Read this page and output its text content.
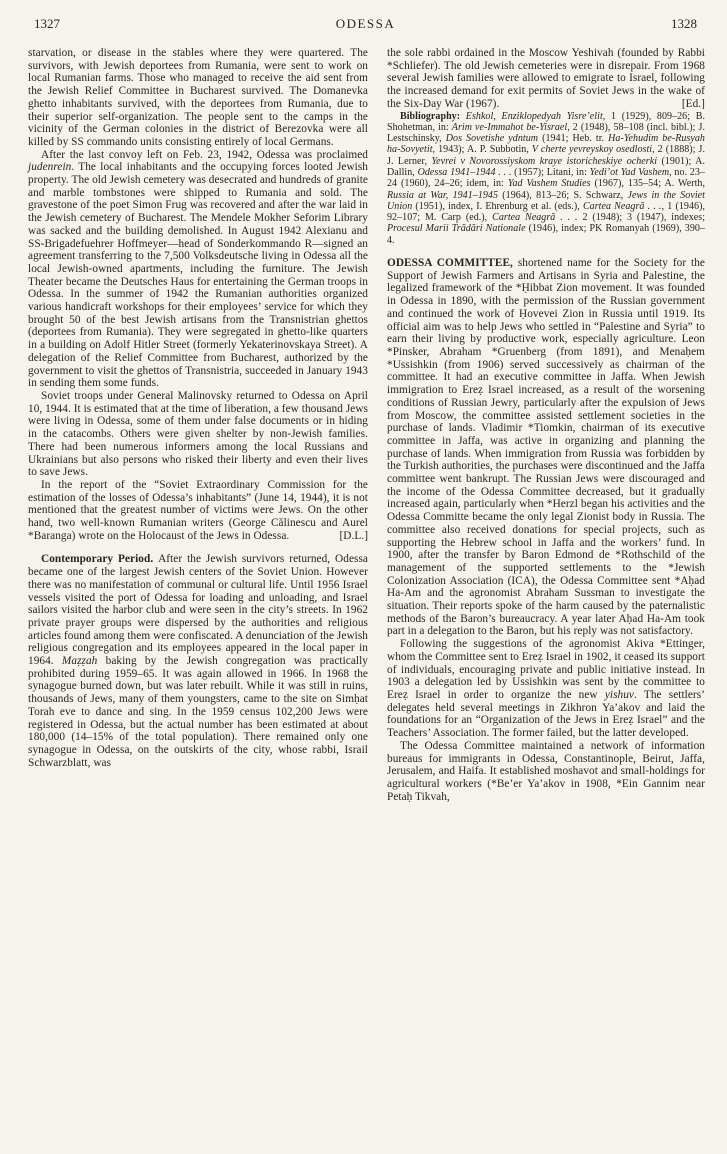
1327	ODESSA	1328

starvation, or disease in the stables where they were quartered. The survivors, with Jewish deportees from Rumania, were sent to work on local Rumanian farms. Those who managed to receive the aid sent from the Jewish Relief Committee in Bucharest survived. The Domanevka ghetto inhabitants survived, with the deportees from Rumania, due to their superior self-organization. The people sent to the camps in the vicinity of the German colonies in the district of Berezovka were all killed by SS commando units consisting entirely of local Germans.

After the last convoy left on Feb. 23, 1942, Odessa was proclaimed judenrein. The local inhabitants and the occupying forces looted Jewish property. The old Jewish cemetery was desecrated and hundreds of granite and marble tombstones were shipped to Rumania and sold. The gravestone of the poet Simon Frug was recovered and after the war laid in the Jewish cemetery of Bucharest. The Mendele Mokher Seforim Library was sacked and the building demolished. In August 1942 Alexianu and SS-Brigadefuehrer Hoffmeyer—head of Sonderkommando R—signed an agreement transferring to the 7,500 Volksdeutsche living in Odessa all the local Jewish-owned apartments, including the furniture. The Jewish Theater became the Deutsches Haus for entertaining the German troops in Odessa. In the summer of 1942 the Rumanian authorities organized various handicraft workshops for their employees’ service for which they brought 50 of the best Jewish artisans from the Transnistrian ghettos (deportees from Rumania). They were segregated in ghetto-like quarters in a building on Adolf Hitler Street (formerly Yekaterinovskaya Street). A delegation of the Relief Committee from Bucharest, authorized by the government to visit the ghettos of Transnistria, succeeded in January 1943 in sending them some funds.

Soviet troops under General Malinovsky returned to Odessa on April 10, 1944. It is estimated that at the time of liberation, a few thousand Jews were living in Odessa, some of them under false documents or in hiding in the catacombs. Others were given shelter by non-Jewish families. There had been numerous informers among the local Russians and Ukrainians but also persons who risked their liberty and even their lives to save Jews.

In the report of the “Soviet Extraordinary Commission for the estimation of the losses of Odessa’s inhabitants” (June 14, 1944), it is not mentioned that the greatest number of victims were Jews. On the other hand, two well-known Rumanian writers (George Călinescu and Aurel *Baranga) wrote on the Holocaust of the Jews in Odessa.	[D.L.]

Contemporary Period. After the Jewish survivors returned, Odessa became one of the largest Jewish centers of the Soviet Union. However there was no manifestation of communal or cultural life. Until 1956 Israel vessels visited the port of Odessa for loading and unloading, and Israel sailors visited the harbor club and were seen in the city’s streets. In 1962 private prayer groups were dispersed by the authorities and religious articles found among them were confiscated. A denunciation of the Jewish religious congregation and its employees appeared in the local paper in 1964. Maẓẓah baking by the Jewish congregation was practically prohibited during 1959–65. It was again allowed in 1966. In 1968 the synagogue burned down, but was later rebuilt. While it was still in ruins, thousands of Jews, many of them youngsters, came to the site on Simḥat Torah eve to dance and sing. In the 1959 census 102,200 Jews were registered in Odessa, but the actual number has been estimated at about 180,000 (14–15% of the total population). There remained only one synagogue in Odessa, on the outskirts of the city, whose rabbi, Israil Schwarzblatt, was

the sole rabbi ordained in the Moscow Yeshivah (founded by Rabbi *Schliefer). The old Jewish cemeteries were in disrepair. From 1968 several Jewish families were allowed to emigrate to Israel, following the increased demand for exit permits of Soviet Jews in the wake of the Six-Day War (1967).	[Ed.]

Bibliography: Eshkol, Enziklopedyah Yisre’elit, 1 (1929), 809–26; B. Shohetman, in: Arim ve-Immahot be-Yisrael, 2 (1948), 58–108 (incl. bibl.); J. Lestschinsky, Dos Sovetishe ydntum (1941; Heb. tr. Ha-Yehudim be-Rusyah ha-Sovyetit, 1943); A. P. Subbotin, V cherte yevreyskoy osedlosti, 2 (1888); J. J. Lerner, Yevrei v Novorossiyskom kraye istoricheskiye ocherki (1901); A. Dallin, Odessa 1941–1944 . . . (1957); Litani, in: Yedi’ot Yad Vashem, no. 23–24 (1960), 24–26; idem, in: Yad Vashem Studies (1967), 135–54; A. Werth, Russia at War, 1941–1945 (1964), 813–26; S. Schwarz, Jews in the Soviet Union (1951), index, I. Ehrenburg et al. (eds.), Cartea Neagră . . ., 1 (1946), 92–107; M. Carp (ed.), Cartea Neagră . . . 2 (1948); 3 (1947), indexes; Procesul Marii Trădări Nationale (1946), index; PK Romanyah (1969), 390–4.

ODESSA COMMITTEE, shortened name for the Society for the Support of Jewish Farmers and Artisans in Syria and Palestine, the legalized framework of the *Ḥibbat Zion movement. It was founded in Odessa in 1890, with the permission of the Russian government and continued the work of Ḥovevei Zion in Russia until 1919. Its official aim was to help Jews who settled in “Palestine and Syria” to earn their living by productive work, especially agriculture. Leon *Pinsker, Abraham *Gruenberg (from 1891), and Menaḥem *Ussishkin (from 1906) served successively as chairman of the committee. It had an executive committee in Jaffa. When Jewish immigration to Ereẓ Israel increased, as a result of the worsening conditions of Russian Jewry, particularly after the expulsion of Jews from Moscow, the committee assisted settlement societies in the purchase of lands. Vladimir *Tiomkin, chairman of its executive committee in Jaffa, was active in organizing and planning the purchase of lands. When immigration from Russia was forbidden by the Turkish authorities, the purchases were discontinued and the Jaffa committee went bankrupt. The Russian Jews were discouraged and the income of the Odessa Committee decreased, but it gradually increased again, particularly when *Herzl began his activities and the Odessa Committe became the only legal Zionist body in Russia. The committee also received donations for special projects, such as supporting the Hebrew school in Jaffa and the workers’ fund. In 1900, after the transfer by Baron Edmond de *Rothschild of the management of the supported settlements to the *Jewish Colonization Association (ICA), the Odessa Committee sent *Aḥad Ha-Am and the agronomist Abraham Sussman to investigate the situation. Their reports spoke of the harm caused by the paternalistic methods of the Baron’s bureaucracy. A year later Aḥad Ha-Am took part in a delegation to the Baron, but his reply was not satisfactory.

Following the suggestions of the agronomist Akiva *Ettinger, whom the Committee sent to Ereẓ Israel in 1902, it ceased its support of individuals, encouraging private and public initiative instead. In 1903 a delegation led by Ussishkin was sent by the committee to Ereẓ Israel in order to organize the new yishuv. The settlers’ delegates held several meetings in Zikhron Ya’akov and laid the foundations for an “Organization of the Jews in Ereẓ Israel” and the Teachers’ Association. The former failed, but the latter developed.

The Odessa Committee maintained a network of information bureaus for immigrants in Odessa, Constantinople, Beirut, Jaffa, Jerusalem, and Haifa. It established moshavot and small-holdings for agricultural workers (*Be’er Ya’akov in 1908, *Ein Gannim near Petaḥ Tikvah,
